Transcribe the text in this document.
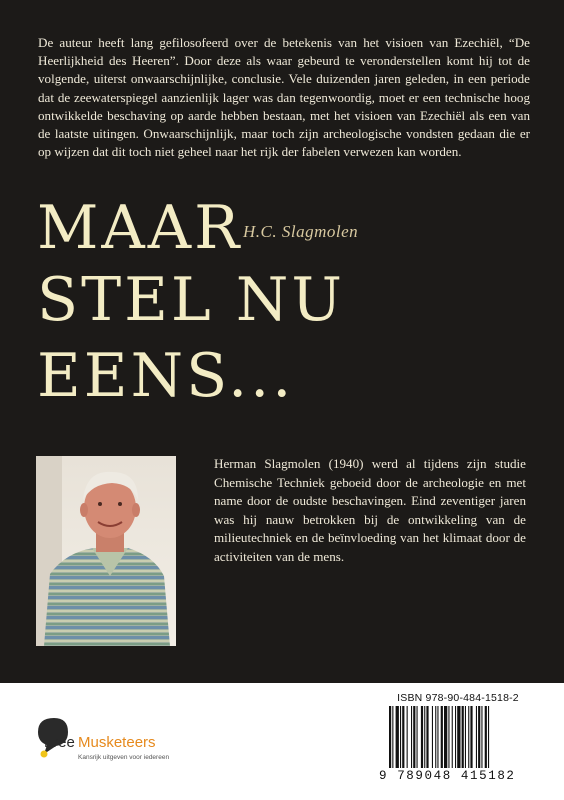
De auteur heeft lang gefilosofeerd over de betekenis van het visioen van Ezechiël, “De Heerlijkheid des Heeren”. Door deze als waar gebeurd te veronderstellen komt hij tot de volgende, uiterst onwaarschijnlijke, conclusie. Vele duizenden jaren geleden, in een periode dat de zeewaterspiegel aanzienlijk lager was dan tegenwoordig, moet er een technische hoog ontwikkelde beschaving op aarde hebben bestaan, met het visioen van Ezechiël als een van de laatste uitingen. Onwaarschijnlijk, maar toch zijn archeologische vondsten gedaan die er op wijzen dat dit toch niet geheel naar het rijk der fabelen verwezen kan worden.

MAAR H.C. Slagmolen
STEL NU
EENS...

Herman Slagmolen (1940) werd al tijdens zijn studie Chemische Techniek geboeid door de archeologie en met name door de oudste beschavingen. Eind zeventiger jaren was hij nauw betrokken bij de ontwikkeling van de milieutechniek en de beïnvloeding van het klimaat door de activiteiten van de mens.

Free Musketeers
Kansrijk uitgeven voor iedereen
ISBN 978-90-484-1518-2
9 789048 415182
